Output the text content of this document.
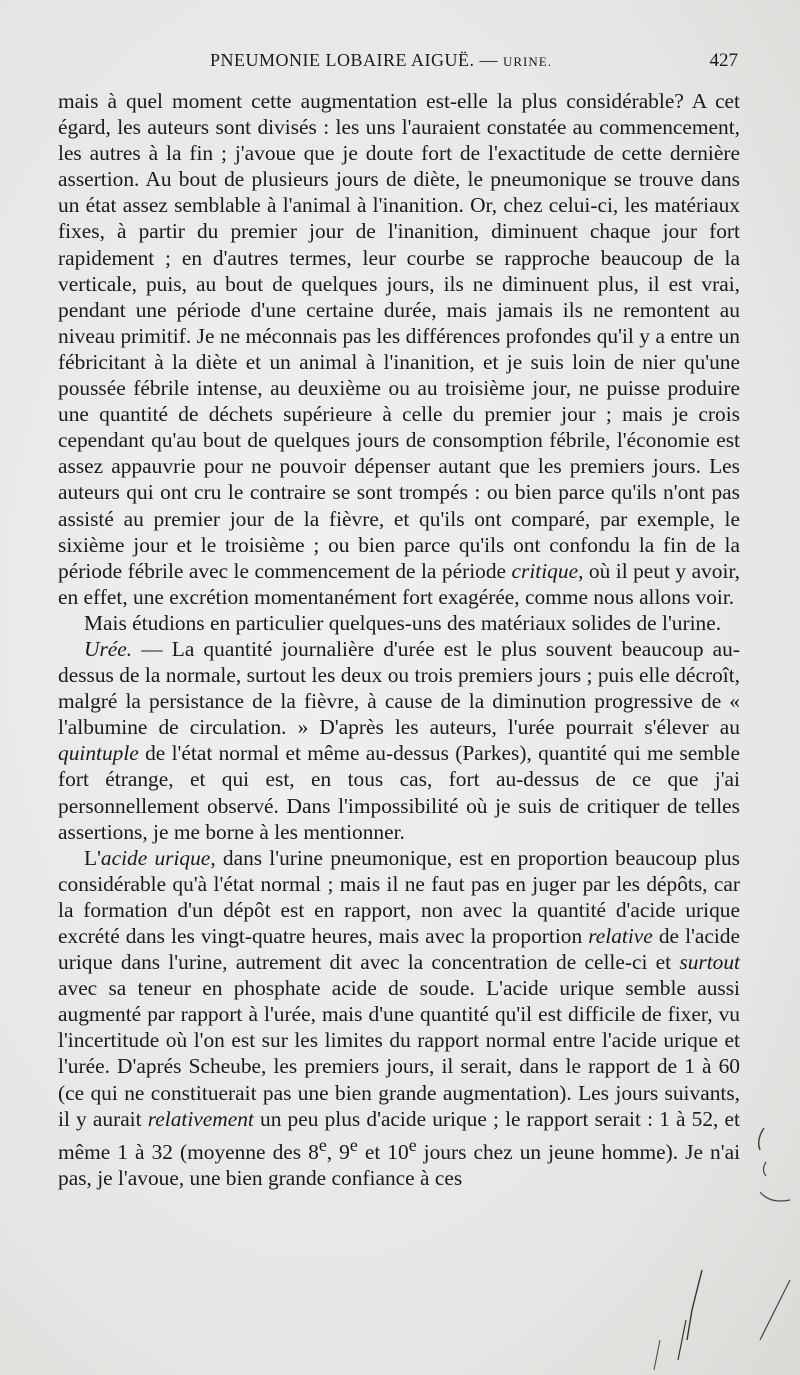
PNEUMONIE LOBAIRE AIGUË. — URINE.	427

mais à quel moment cette augmentation est-elle la plus considérable? A cet égard, les auteurs sont divisés : les uns l'auraient constatée au commencement, les autres à la fin ; j'avoue que je doute fort de l'exactitude de cette dernière assertion. Au bout de plusieurs jours de diète, le pneumonique se trouve dans un état assez semblable à l'animal à l'inanition. Or, chez celui-ci, les matériaux fixes, à partir du premier jour de l'inanition, diminuent chaque jour fort rapidement ; en d'autres termes, leur courbe se rapproche beaucoup de la verticale, puis, au bout de quelques jours, ils ne diminuent plus, il est vrai, pendant une période d'une certaine durée, mais jamais ils ne remontent au niveau primitif. Je ne méconnais pas les différences profondes qu'il y a entre un fébricitant à la diète et un animal à l'inanition, et je suis loin de nier qu'une poussée fébrile intense, au deuxième ou au troisième jour, ne puisse produire une quantité de déchets supérieure à celle du premier jour ; mais je crois cependant qu'au bout de quelques jours de consomption fébrile, l'économie est assez appauvrie pour ne pouvoir dépenser autant que les premiers jours. Les auteurs qui ont cru le contraire se sont trompés : ou bien parce qu'ils n'ont pas assisté au premier jour de la fièvre, et qu'ils ont comparé, par exemple, le sixième jour et le troisième ; ou bien parce qu'ils ont confondu la fin de la période fébrile avec le commencement de la période critique, où il peut y avoir, en effet, une excrétion momentanément fort exagérée, comme nous allons voir.

Mais étudions en particulier quelques-uns des matériaux solides de l'urine.

Urée. — La quantité journalière d'urée est le plus souvent beaucoup au-dessus de la normale, surtout les deux ou trois premiers jours ; puis elle décroît, malgré la persistance de la fièvre, à cause de la diminution progressive de « l'albumine de circulation. » D'après les auteurs, l'urée pourrait s'élever au quintuple de l'état normal et même au-dessus (Parkes), quantité qui me semble fort étrange, et qui est, en tous cas, fort au-dessus de ce que j'ai personnellement observé. Dans l'impossibilité où je suis de critiquer de telles assertions, je me borne à les mentionner.

L'acide urique, dans l'urine pneumonique, est en proportion beaucoup plus considérable qu'à l'état normal ; mais il ne faut pas en juger par les dépôts, car la formation d'un dépôt est en rapport, non avec la quantité d'acide urique excrété dans les vingt-quatre heures, mais avec la proportion relative de l'acide urique dans l'urine, autrement dit avec la concentration de celle-ci et surtout avec sa teneur en phosphate acide de soude. L'acide urique semble aussi augmenté par rapport à l'urée, mais d'une quantité qu'il est difficile de fixer, vu l'incertitude où l'on est sur les limites du rapport normal entre l'acide urique et l'urée. D'aprés Scheube, les premiers jours, il serait, dans le rapport de 1 à 60 (ce qui ne constituerait pas une bien grande augmentation). Les jours suivants, il y aurait relativement un peu plus d'acide urique ; le rapport serait : 1 à 52, et même 1 à 32 (moyenne des 8e, 9e et 10e jours chez un jeune homme). Je n'ai pas, je l'avoue, une bien grande confiance à ces
